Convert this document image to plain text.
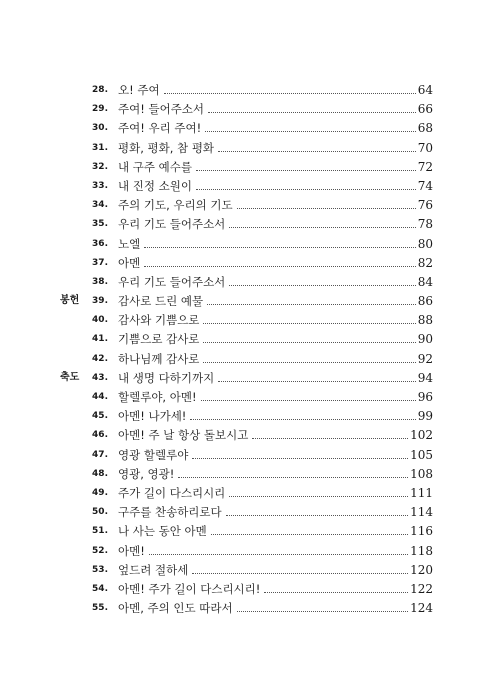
28. 오! 주여	64
29. 주여! 들어주소서	66
30. 주여! 우리 주여!	68
31. 평화, 평화, 참 평화	70
32. 내 구주 예수를	72
33. 내 진정 소원이	74
34. 주의 기도, 우리의 기도	76
35. 우리 기도 들어주소서	78
36. 노엘	80
37. 아멘	82
38. 우리 기도 들어주소서	84
봉헌	39. 감사로 드린 예물	86
40. 감사와 기쁨으로	88
41. 기쁨으로 감사로	90
42. 하나님께 감사로	92
축도	43. 내 생명 다하기까지	94
44. 할렐루야, 아멘!	96
45. 아멘! 나가세!	99
46. 아멘! 주 날 항상 돌보시고	102
47. 영광 할렐루야	105
48. 영광, 영광!	108
49. 주가 길이 다스리시리	111
50. 구주를 찬송하리로다	114
51. 나 사는 동안 아멘	116
52. 아멘!	118
53. 엎드려 절하세	120
54. 아멘! 주가 길이 다스리시리!	122
55. 아멘, 주의 인도 따라서	124
